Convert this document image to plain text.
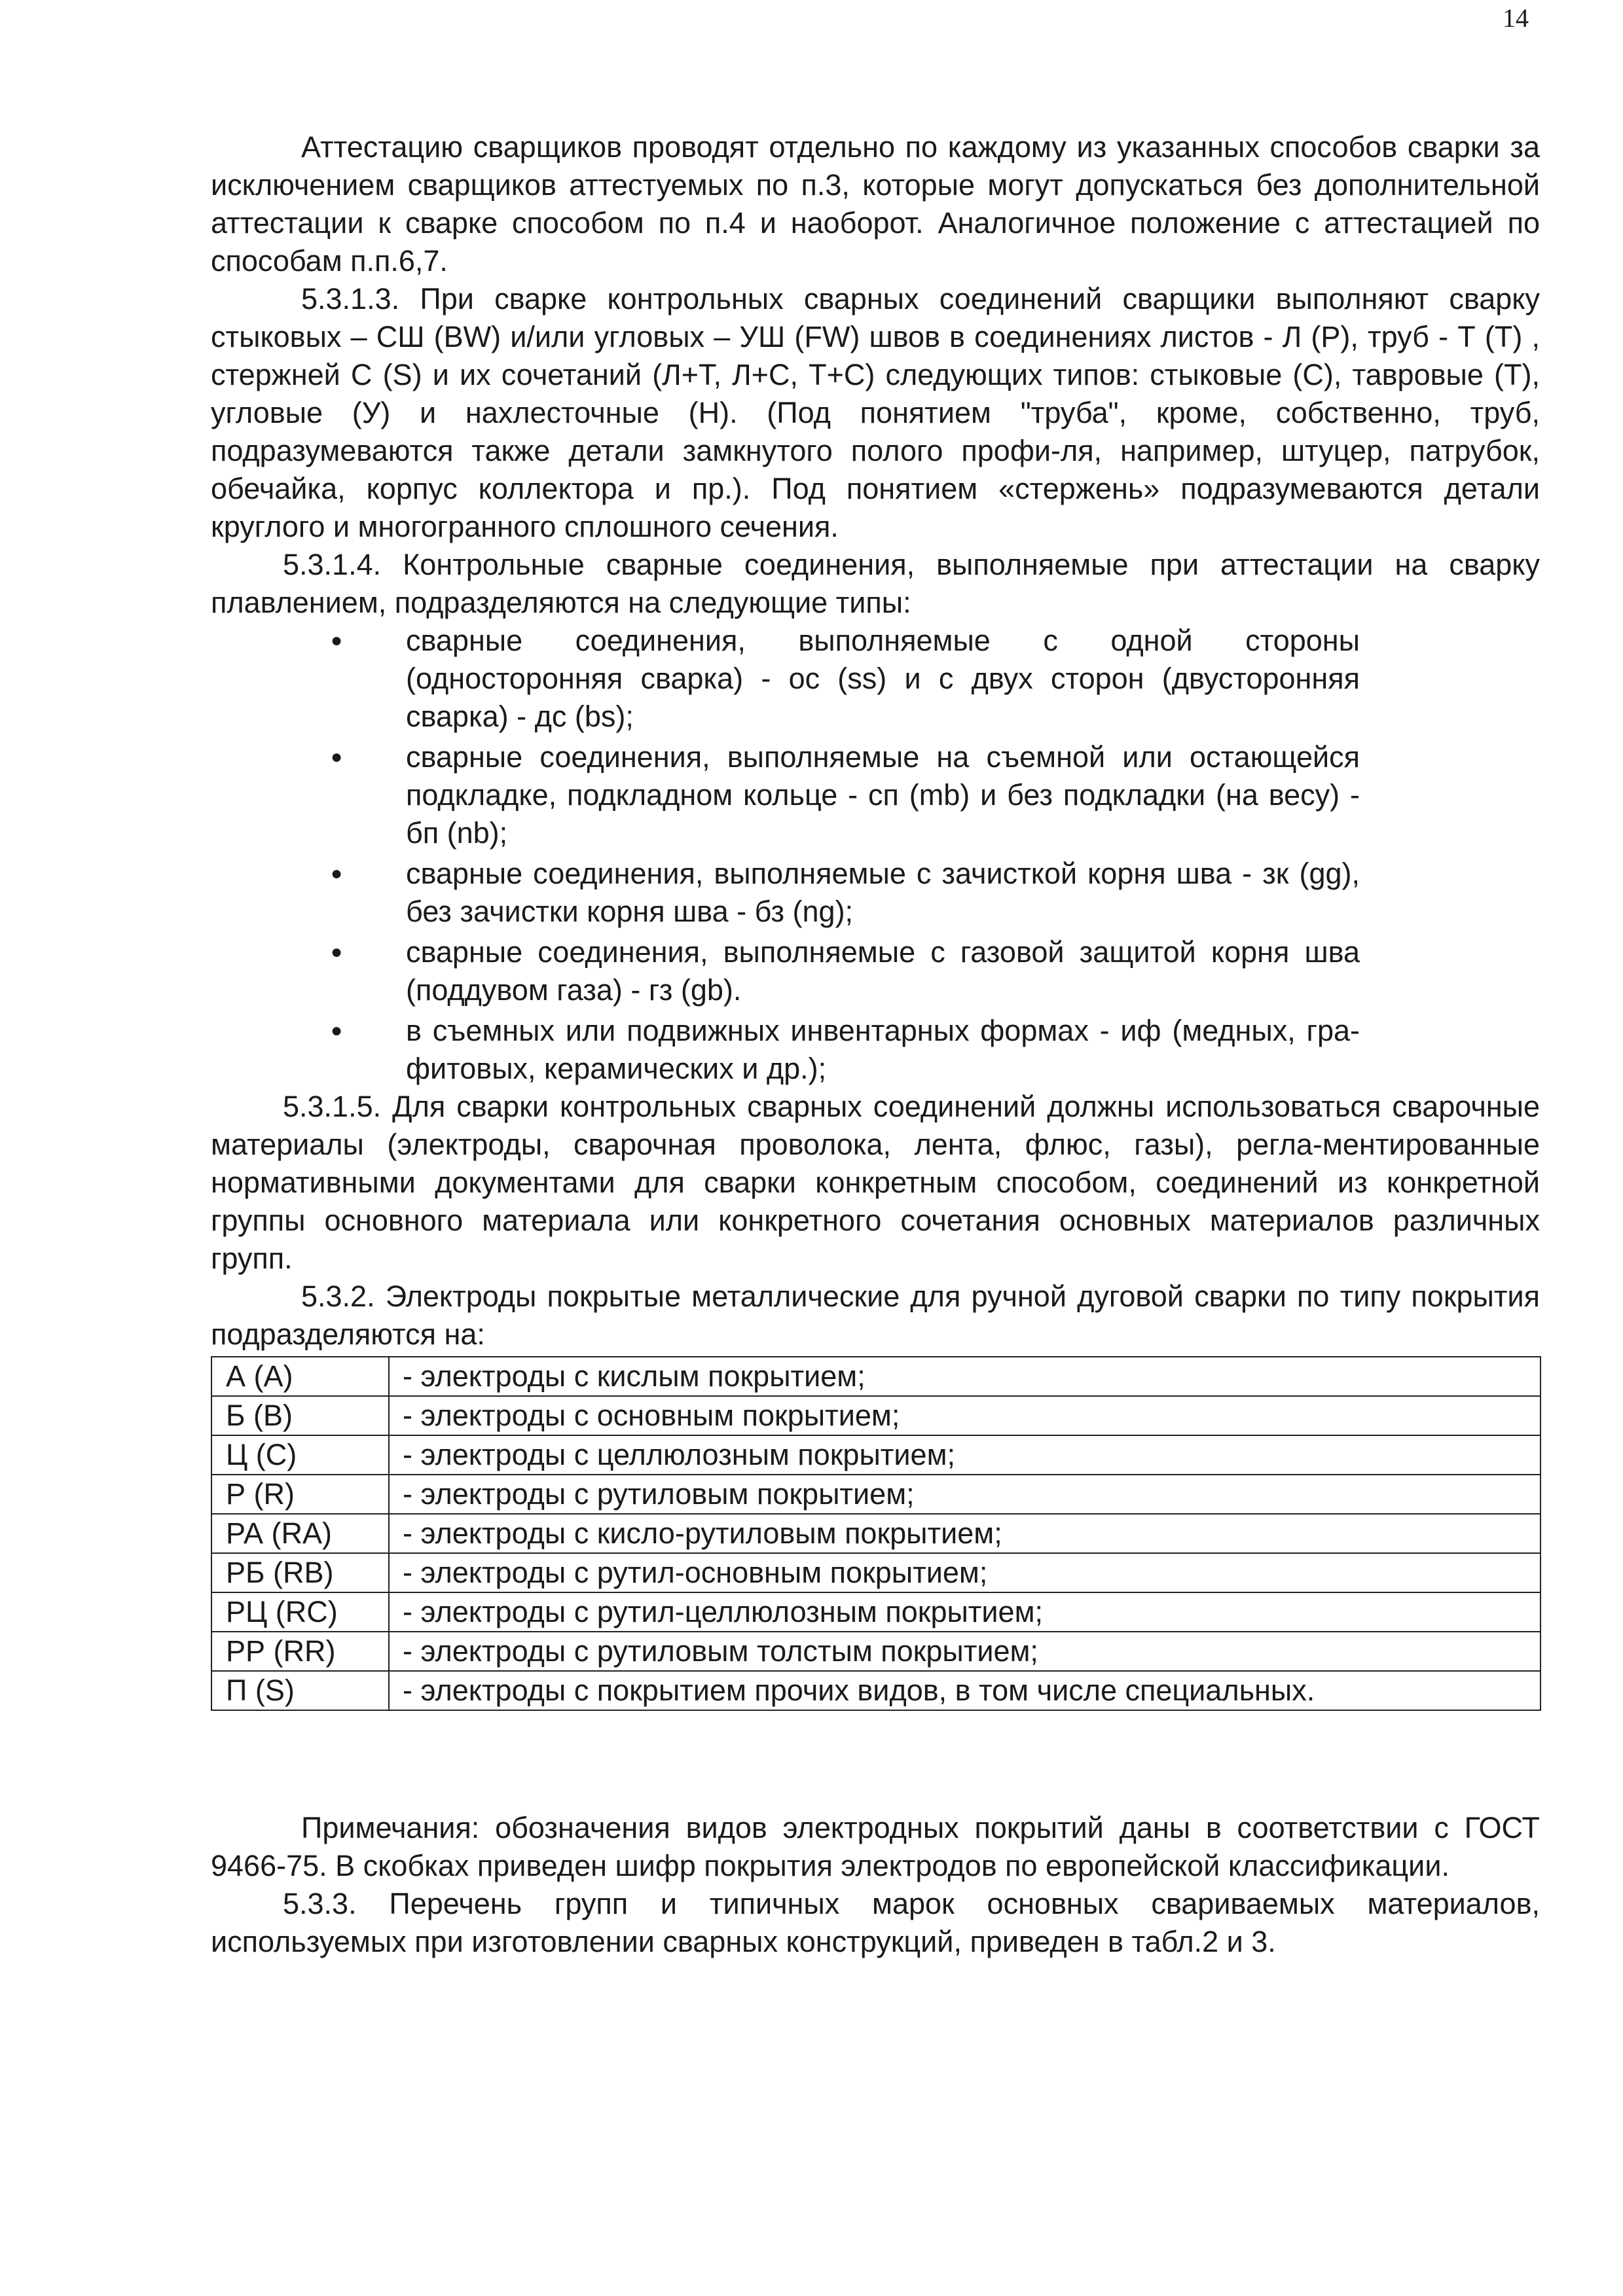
14

Аттестацию сварщиков проводят отдельно по каждому из указанных способов сварки за исключением сварщиков аттестуемых по п.3, которые могут допускаться без дополнительной аттестации к сварке способом по п.4 и наоборот. Аналогичное положение с аттестацией по способам п.п.6,7.

5.3.1.3. При сварке контрольных сварных соединений сварщики выполняют сварку стыковых – СШ (BW) и/или угловых – УШ (FW) швов в соединениях листов - Л (Р), труб - Т (Т) , стержней С (S) и их сочетаний (Л+Т, Л+С, Т+С) следующих типов: стыковые (С), тавровые (Т), угловые (У) и нахлесточные (Н). (Под понятием "труба", кроме, собственно, труб, подразумеваются также детали замкнутого полого профи-ля, например, штуцер, патрубок, обечайка, корпус коллектора и пр.). Под понятием «стержень» подразумеваются детали круглого и многогранного сплошного сечения.

5.3.1.4. Контрольные сварные соединения, выполняемые при аттестации на сварку плавлением, подразделяются на следующие типы:

● сварные соединения, выполняемые с одной стороны (односторонняя сварка) - ос (ss) и с двух сторон (двусторонняя сварка) - дс (bs);
● сварные соединения, выполняемые на съемной или остающейся подкладке, подкладном кольце - сп (mb) и без подкладки (на весу) - бп (nb);
● сварные соединения, выполняемые с зачисткой корня шва - зк (gg), без зачистки корня шва - бз (ng);
● сварные соединения, выполняемые с газовой защитой корня шва (поддувом газа) - гз (gb).
● в съемных или подвижных инвентарных формах - иф (медных, гра-фитовых, керамических и др.);

5.3.1.5. Для сварки контрольных сварных соединений должны использоваться сварочные материалы (электроды, сварочная проволока, лента, флюс, газы), регла-ментированные нормативными документами для сварки конкретным способом, соединений из конкретной группы основного материала или конкретного сочетания основных материалов различных групп.

5.3.2. Электроды покрытые металлические для ручной дуговой сварки по типу покрытия подразделяются на:

А (A)	- электроды с кислым покрытием;
Б (B)	- электроды с основным покрытием;
Ц (C)	- электроды с целлюлозным покрытием;
Р (R)	- электроды с рутиловым покрытием;
РА (RA)	- электроды с кисло-рутиловым покрытием;
РБ (RB)	- электроды с рутил-основным покрытием;
РЦ (RC)	- электроды с рутил-целлюлозным покрытием;
РР (RR)	- электроды с рутиловым толстым покрытием;
П (S)	- электроды с покрытием прочих видов, в том числе специальных.

Примечания: обозначения видов электродных покрытий даны в соответствии с ГОСТ 9466-75. В скобках приведен шифр покрытия электродов по европейской классификации.

5.3.3. Перечень групп и типичных марок основных свариваемых материалов, используемых при изготовлении сварных конструкций, приведен в табл.2 и 3.
